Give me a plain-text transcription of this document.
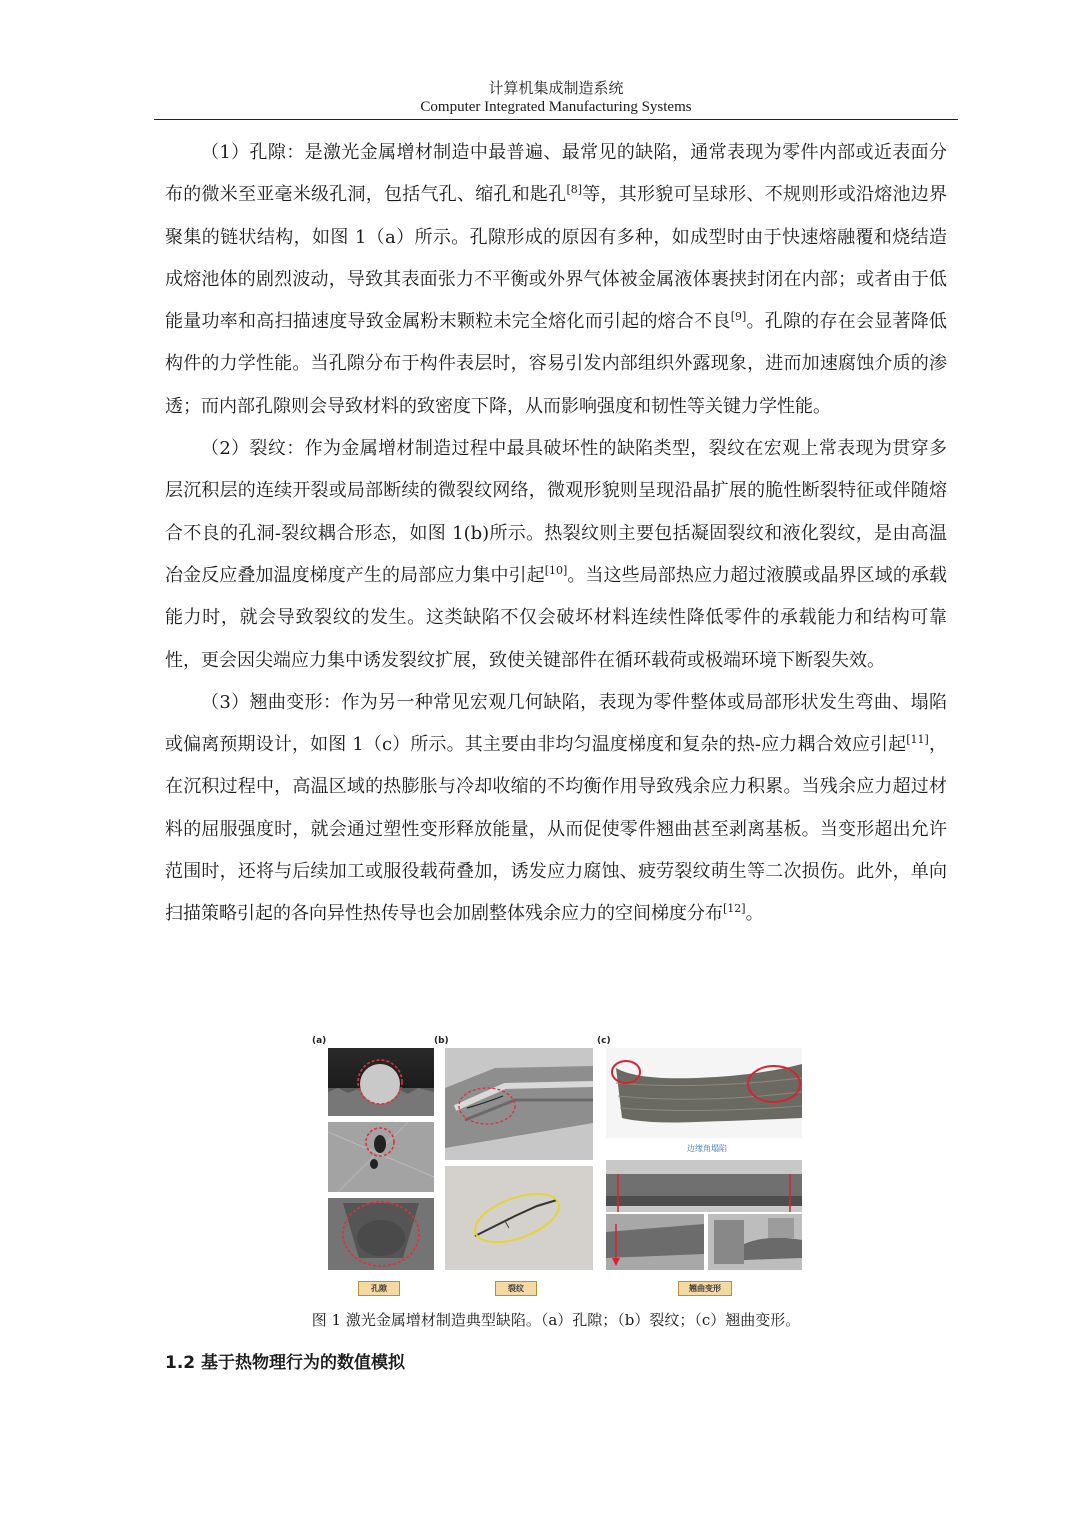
计算机集成制造系统
Computer Integrated Manufacturing Systems

（1）孔隙：是激光金属增材制造中最普遍、最常见的缺陷，通常表现为零件内部或近表面分布的微米至亚毫米级孔洞，包括气孔、缩孔和匙孔[8]等，其形貌可呈球形、不规则形或沿熔池边界聚集的链状结构，如图 1（a）所示。孔隙形成的原因有多种，如成型时由于快速熔融覆和烧结造成熔池体的剧烈波动，导致其表面张力不平衡或外界气体被金属液体裹挟封闭在内部；或者由于低能量功率和高扫描速度导致金属粉末颗粒未完全熔化而引起的熔合不良[9]。孔隙的存在会显著降低构件的力学性能。当孔隙分布于构件表层时，容易引发内部组织外露现象，进而加速腐蚀介质的渗透；而内部孔隙则会导致材料的致密度下降，从而影响强度和韧性等关键力学性能。

（2）裂纹：作为金属增材制造过程中最具破坏性的缺陷类型，裂纹在宏观上常表现为贯穿多层沉积层的连续开裂或局部断续的微裂纹网络，微观形貌则呈现沿晶扩展的脆性断裂特征或伴随熔合不良的孔洞-裂纹耦合形态，如图 1(b)所示。热裂纹则主要包括凝固裂纹和液化裂纹，是由高温冶金反应叠加温度梯度产生的局部应力集中引起[10]。当这些局部热应力超过液膜或晶界区域的承载能力时，就会导致裂纹的发生。这类缺陷不仅会破坏材料连续性降低零件的承载能力和结构可靠性，更会因尖端应力集中诱发裂纹扩展，致使关键部件在循环载荷或极端环境下断裂失效。

（3）翘曲变形：作为另一种常见宏观几何缺陷，表现为零件整体或局部形状发生弯曲、塌陷或偏离预期设计，如图 1（c）所示。其主要由非均匀温度梯度和复杂的热-应力耦合效应引起[11]，在沉积过程中，高温区域的热膨胀与冷却收缩的不均衡作用导致残余应力积累。当残余应力超过材料的屈服强度时，就会通过塑性变形释放能量，从而促使零件翘曲甚至剥离基板。当变形超出允许范围时，还将与后续加工或服役载荷叠加，诱发应力腐蚀、疲劳裂纹萌生等二次损伤。此外，单向扫描策略引起的各向异性热传导也会加剧整体残余应力的空间梯度分布[12]。

(a)	(b)	(c)
孔隙	裂纹
边缘角塌陷
翘曲变形
图 1 激光金属增材制造典型缺陷。（a）孔隙；（b）裂纹；（c）翘曲变形。
1.2 基于热物理行为的数值模拟
